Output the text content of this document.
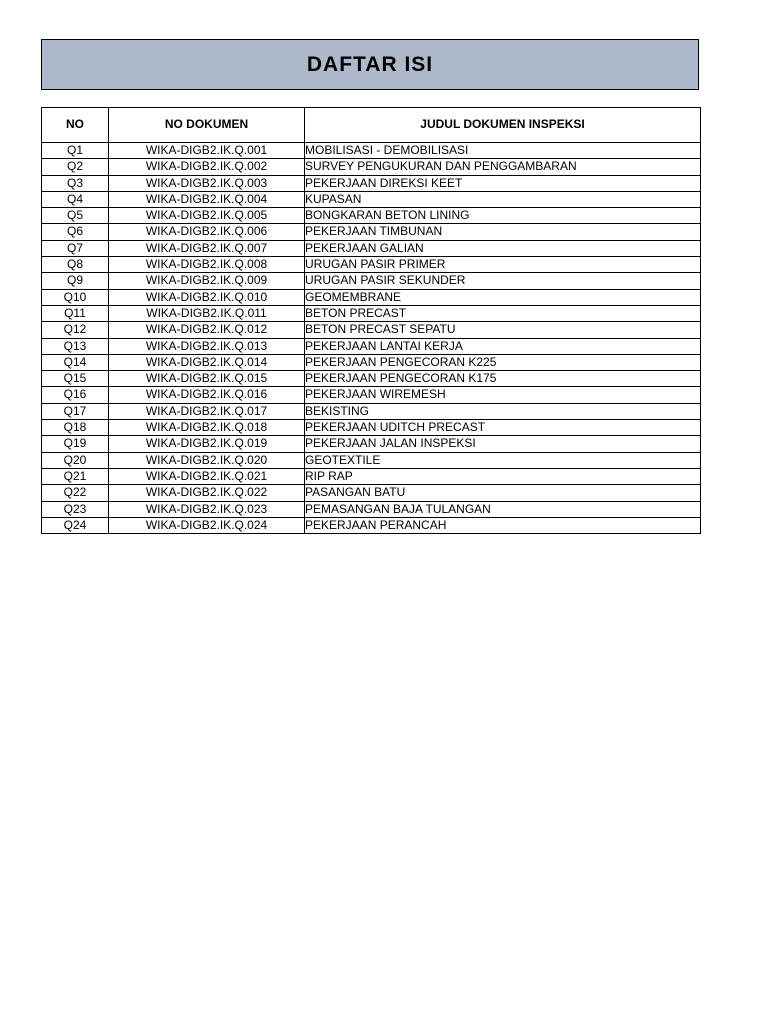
DAFTAR ISI
NO	NO DOKUMEN	JUDUL DOKUMEN INSPEKSI
Q1	WIKA-DIGB2.IK.Q.001	MOBILISASI - DEMOBILISASI
Q2	WIKA-DIGB2.IK.Q.002	SURVEY PENGUKURAN DAN PENGGAMBARAN
Q3	WIKA-DIGB2.IK.Q.003	PEKERJAAN DIREKSI KEET
Q4	WIKA-DIGB2.IK.Q.004	KUPASAN
Q5	WIKA-DIGB2.IK.Q.005	BONGKARAN BETON LINING
Q6	WIKA-DIGB2.IK.Q.006	PEKERJAAN TIMBUNAN
Q7	WIKA-DIGB2.IK.Q.007	PEKERJAAN GALIAN
Q8	WIKA-DIGB2.IK.Q.008	URUGAN PASIR PRIMER
Q9	WIKA-DIGB2.IK.Q.009	URUGAN PASIR SEKUNDER
Q10	WIKA-DIGB2.IK.Q.010	GEOMEMBRANE
Q11	WIKA-DIGB2.IK.Q.011	BETON PRECAST
Q12	WIKA-DIGB2.IK.Q.012	BETON PRECAST SEPATU
Q13	WIKA-DIGB2.IK.Q.013	PEKERJAAN LANTAI KERJA
Q14	WIKA-DIGB2.IK.Q.014	PEKERJAAN PENGECORAN K225
Q15	WIKA-DIGB2.IK.Q.015	PEKERJAAN PENGECORAN K175
Q16	WIKA-DIGB2.IK.Q.016	PEKERJAAN WIREMESH
Q17	WIKA-DIGB2.IK.Q.017	BEKISTING
Q18	WIKA-DIGB2.IK.Q.018	PEKERJAAN UDITCH PRECAST
Q19	WIKA-DIGB2.IK.Q.019	PEKERJAAN JALAN INSPEKSI
Q20	WIKA-DIGB2.IK.Q.020	GEOTEXTILE
Q21	WIKA-DIGB2.IK.Q.021	RIP RAP
Q22	WIKA-DIGB2.IK.Q.022	PASANGAN BATU
Q23	WIKA-DIGB2.IK.Q.023	PEMASANGAN BAJA TULANGAN
Q24	WIKA-DIGB2.IK.Q.024	PEKERJAAN PERANCAH
